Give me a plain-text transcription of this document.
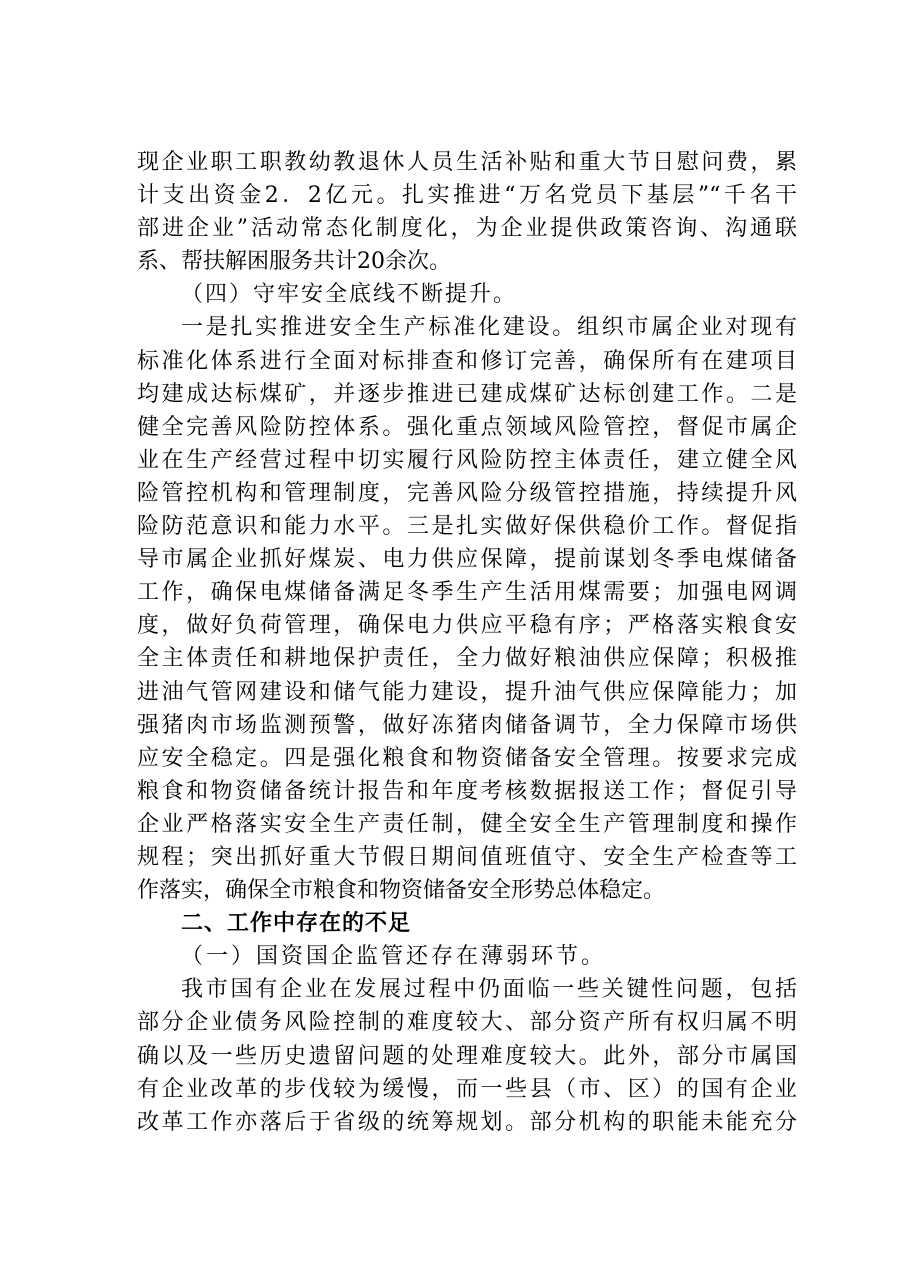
现企业职工职教幼教退休人员生活补贴和重大节日慰问费，累
计支出资金2．2亿元。扎实推进“万名党员下基层”“千名干
部进企业”活动常态化制度化，为企业提供政策咨询、沟通联
系、帮扶解困服务共计20余次。
（四）守牢安全底线不断提升。
一是扎实推进安全生产标准化建设。组织市属企业对现有
标准化体系进行全面对标排查和修订完善，确保所有在建项目
均建成达标煤矿，并逐步推进已建成煤矿达标创建工作。二是
健全完善风险防控体系。强化重点领域风险管控，督促市属企
业在生产经营过程中切实履行风险防控主体责任，建立健全风
险管控机构和管理制度，完善风险分级管控措施，持续提升风
险防范意识和能力水平。三是扎实做好保供稳价工作。督促指
导市属企业抓好煤炭、电力供应保障，提前谋划冬季电煤储备
工作，确保电煤储备满足冬季生产生活用煤需要；加强电网调
度，做好负荷管理，确保电力供应平稳有序；严格落实粮食安
全主体责任和耕地保护责任，全力做好粮油供应保障；积极推
进油气管网建设和储气能力建设，提升油气供应保障能力；加
强猪肉市场监测预警，做好冻猪肉储备调节，全力保障市场供
应安全稳定。四是强化粮食和物资储备安全管理。按要求完成
粮食和物资储备统计报告和年度考核数据报送工作；督促引导
企业严格落实安全生产责任制，健全安全生产管理制度和操作
规程；突出抓好重大节假日期间值班值守、安全生产检查等工
作落实，确保全市粮食和物资储备安全形势总体稳定。
二、工作中存在的不足
（一）国资国企监管还存在薄弱环节。
我市国有企业在发展过程中仍面临一些关键性问题，包括
部分企业债务风险控制的难度较大、部分资产所有权归属不明
确以及一些历史遗留问题的处理难度较大。此外，部分市属国
有企业改革的步伐较为缓慢，而一些县（市、区）的国有企业
改革工作亦落后于省级的统筹规划。部分机构的职能未能充分
